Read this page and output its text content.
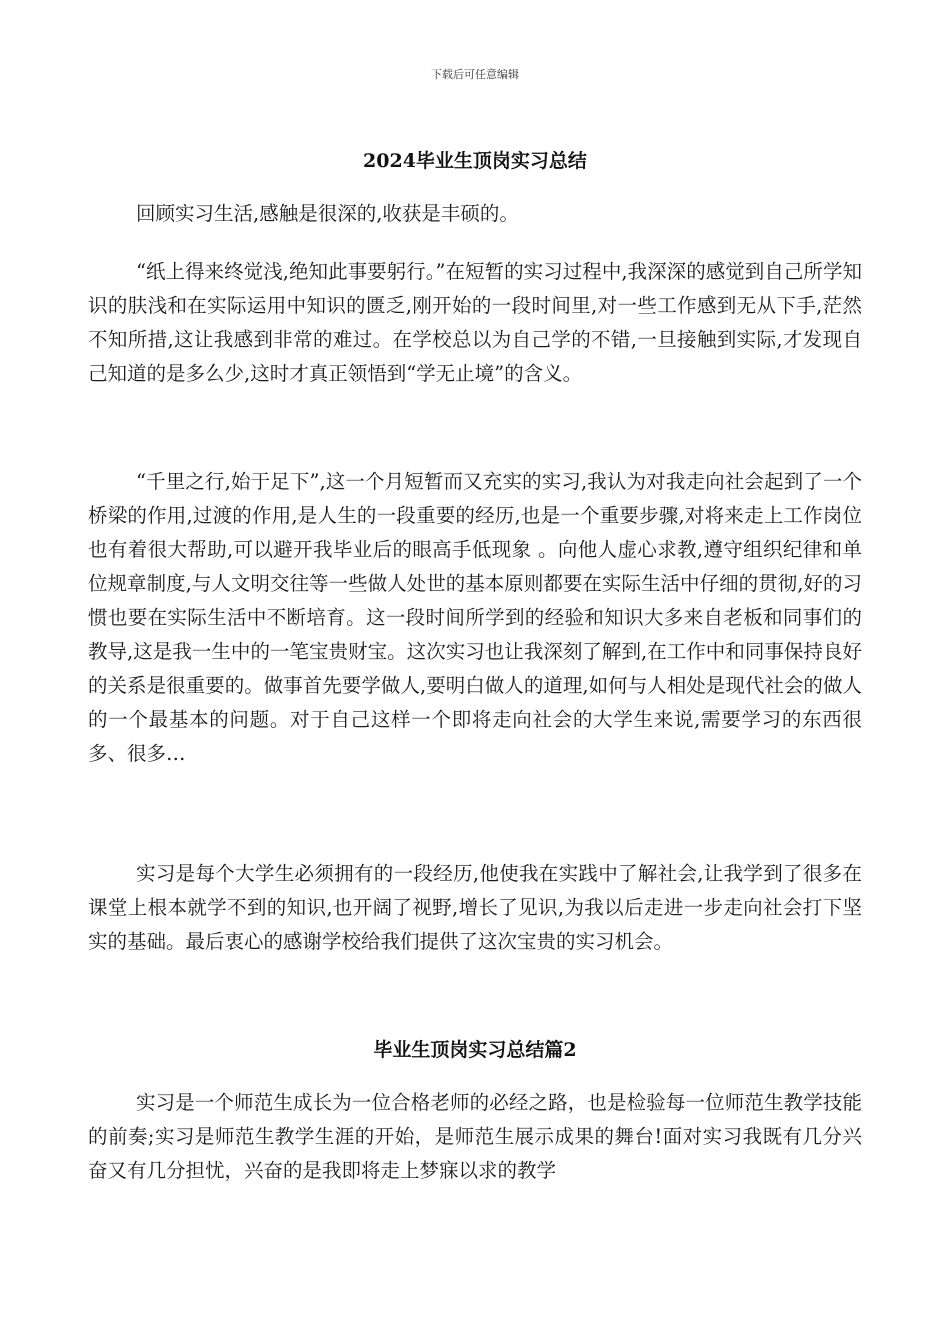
下载后可任意编辑
2024毕业生顶岗实习总结

回顾实习生活,感触是很深的,收获是丰硕的。

“纸上得来终觉浅,绝知此事要躬行。”在短暂的实习过程中,我深深的感觉到自己所学知识的肤浅和在实际运用中知识的匮乏,刚开始的一段时间里,对一些工作感到无从下手,茫然不知所措,这让我感到非常的难过。在学校总以为自己学的不错,一旦接触到实际,才发现自己知道的是多么少,这时才真正领悟到“学无止境”的含义。

“千里之行,始于足下”,这一个月短暂而又充实的实习,我认为对我走向社会起到了一个桥梁的作用,过渡的作用,是人生的一段重要的经历,也是一个重要步骤,对将来走上工作岗位也有着很大帮助,可以避开我毕业后的眼高手低现象 。向他人虚心求教,遵守组织纪律和单位规章制度,与人文明交往等一些做人处世的基本原则都要在实际生活中仔细的贯彻,好的习惯也要在实际生活中不断培育。这一段时间所学到的经验和知识大多来自老板和同事们的教导,这是我一生中的一笔宝贵财宝。这次实习也让我深刻了解到,在工作中和同事保持良好的关系是很重要的。做事首先要学做人,要明白做人的道理,如何与人相处是现代社会的做人的一个最基本的问题。对于自己这样一个即将走向社会的大学生来说,需要学习的东西很多、很多…

实习是每个大学生必须拥有的一段经历,他使我在实践中了解社会,让我学到了很多在课堂上根本就学不到的知识,也开阔了视野,增长了见识,为我以后走进一步走向社会打下坚实的基础。最后衷心的感谢学校给我们提供了这次宝贵的实习机会。

毕业生顶岗实习总结篇2

实习是一个师范生成长为一位合格老师的必经之路，也是检验每一位师范生教学技能的前奏;实习是师范生教学生涯的开始，是师范生展示成果的舞台!面对实习我既有几分兴奋又有几分担忧，兴奋的是我即将走上梦寐以求的教学
